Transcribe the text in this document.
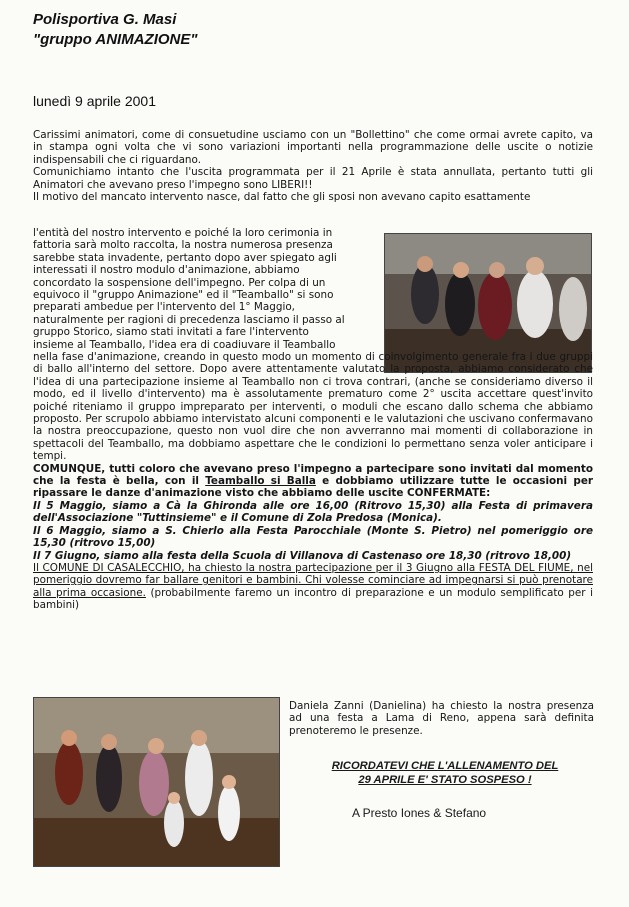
Polisportiva G. Masi
"gruppo ANIMAZIONE"
lunedì 9 aprile 2001

Carissimi animatori, come di consuetudine usciamo con un "Bollettino" che come ormai avrete capito, va in stampa ogni volta che vi sono variazioni importanti nella programmazione delle uscite o notizie indispensabili che ci riguardano.

Comunichiamo intanto che l'uscita programmata per il 21 Aprile è stata annullata, pertanto tutti gli Animatori che avevano preso l'impegno sono LIBERI!!

Il motivo del mancato intervento nasce, dal fatto che gli sposi non avevano capito esattamente

l'entità del nostro intervento e poiché la loro cerimonia in

fattoria sarà molto raccolta, la nostra numerosa presenza

sarebbe stata invadente, pertanto dopo aver spiegato agli

interessati il nostro modulo d'animazione, abbiamo

concordato la sospensione dell'impegno. Per colpa di un

equivoco il "gruppo Animazione" ed il "Teamballo" si sono

preparati ambedue per l'intervento del 1° Maggio,

naturalmente per ragioni di precedenza lasciamo il passo al

gruppo Storico, siamo stati invitati a fare l'intervento

insieme al Teamballo, l'idea era di coadiuvare il Teamballo

nella fase d'animazione, creando in questo modo un momento di coinvolgimento generale fra i due gruppi di ballo all'interno del settore. Dopo avere attentamente valutato la proposta, abbiamo considerato che l'idea di una partecipazione insieme al Teamballo non ci trova contrari, (anche se consideriamo diverso il modo, ed il livello d'intervento) ma è assolutamente prematuro come 2° uscita accettare quest'invito poiché riteniamo il gruppo impreparato per interventi, o moduli che escano dallo schema che abbiamo proposto. Per scrupolo abbiamo intervistato alcuni componenti e le valutazioni che uscivano confermavano la nostra preoccupazione, questo non vuol dire che non avverranno mai momenti di collaborazione in spettacoli del Teamballo, ma dobbiamo aspettare che le condizioni lo permettano senza voler anticipare i tempi.

COMUNQUE, tutti coloro che avevano preso l'impegno a partecipare sono invitati dal momento che la festa è bella, con il Teamballo si Balla e dobbiamo utilizzare tutte le occasioni per ripassare le danze d'animazione visto che abbiamo delle uscite CONFERMATE:

Il 5 Maggio, siamo a Cà la Ghironda alle ore 16,00 (Ritrovo 15,30) alla Festa di primavera dell'Associazione "Tuttinsieme" e il Comune di Zola Predosa (Monica).

Il 6 Maggio, siamo a S. Chierlo alla Festa Parocchiale (Monte S. Pietro) nel pomeriggio ore 15,30 (ritrovo 15,00)

Il 7 Giugno, siamo alla festa della Scuola di Villanova di Castenaso ore 18,30 (ritrovo 18,00)

Il COMUNE DI CASALECCHIO, ha chiesto la nostra partecipazione per il 3 Giugno alla FESTA DEL FIUME, nel pomeriggio dovremo far ballare genitori e bambini. Chi volesse cominciare ad impegnarsi si può prenotare alla prima occasione. (probabilmente faremo un incontro di preparazione e un modulo semplificato per i bambini)

Daniela Zanni (Danielina) ha chiesto la nostra presenza ad una festa a Lama di Reno, appena sarà definita prenoteremo le presenze.

RICORDATEVI CHE L'ALLENAMENTO DEL
29 APRILE E' STATO SOSPESO !
A Presto Iones & Stefano
